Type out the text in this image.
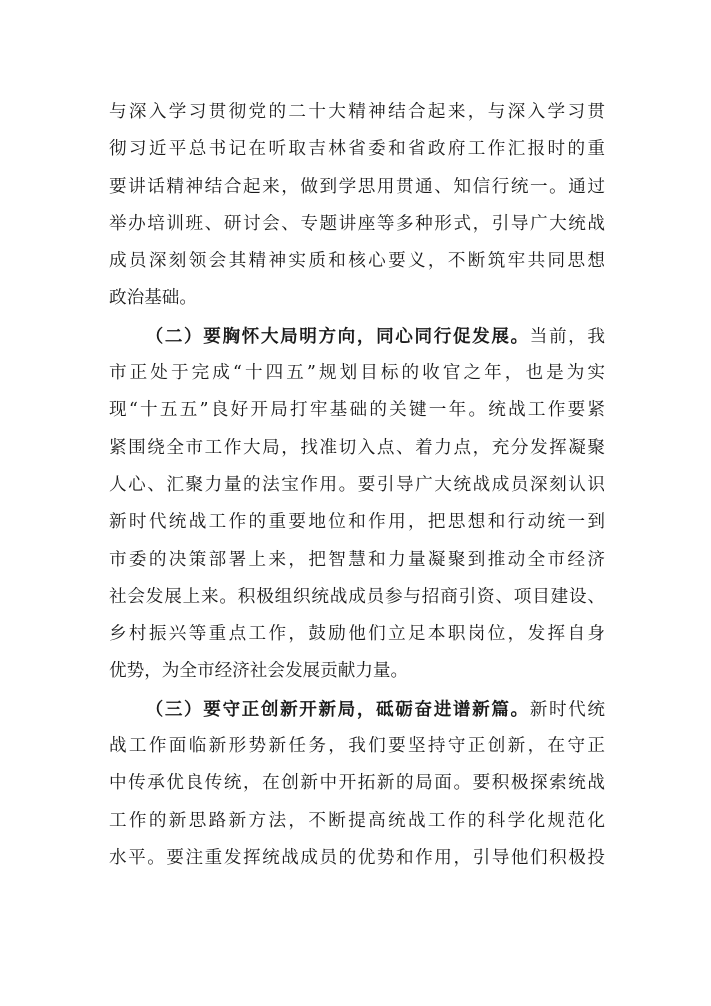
与深入学习贯彻党的二十大精神结合起来，与深入学习贯
彻习近平总书记在听取吉林省委和省政府工作汇报时的重
要讲话精神结合起来，做到学思用贯通、知信行统一。通过
举办培训班、研讨会、专题讲座等多种形式，引导广大统战
成员深刻领会其精神实质和核心要义，不断筑牢共同思想
政治基础。
（二）要胸怀大局明方向，同心同行促发展。当前，我
市正处于完成“十四五”规划目标的收官之年，也是为实
现“十五五”良好开局打牢基础的关键一年。统战工作要紧
紧围绕全市工作大局，找准切入点、着力点，充分发挥凝聚
人心、汇聚力量的法宝作用。要引导广大统战成员深刻认识
新时代统战工作的重要地位和作用，把思想和行动统一到
市委的决策部署上来，把智慧和力量凝聚到推动全市经济
社会发展上来。积极组织统战成员参与招商引资、项目建设、
乡村振兴等重点工作，鼓励他们立足本职岗位，发挥自身
优势，为全市经济社会发展贡献力量。
（三）要守正创新开新局，砥砺奋进谱新篇。新时代统
战工作面临新形势新任务，我们要坚持守正创新，在守正
中传承优良传统，在创新中开拓新的局面。要积极探索统战
工作的新思路新方法，不断提高统战工作的科学化规范化
水平。要注重发挥统战成员的优势和作用，引导他们积极投
